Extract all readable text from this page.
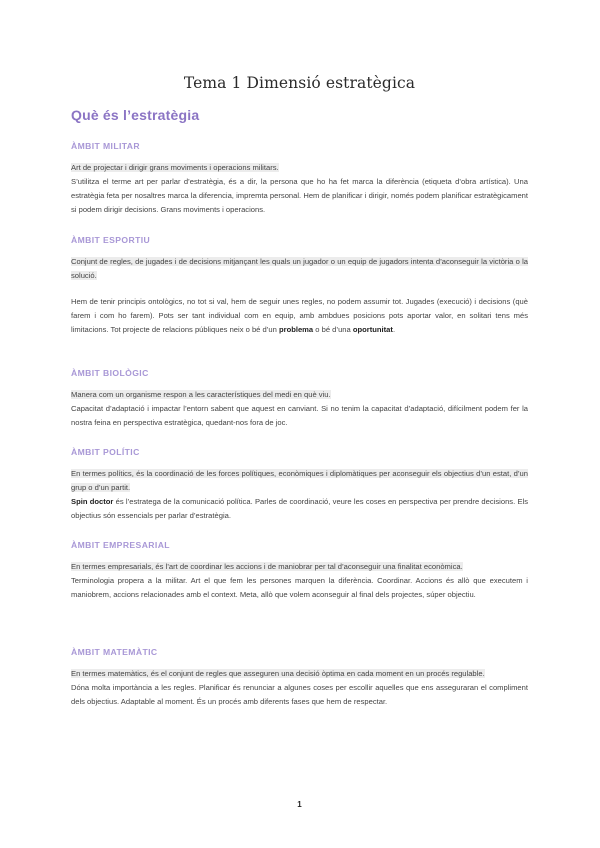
Tema 1 Dimensió estratègica
Què és l’estratègia
ÀMBIT MILITAR

Art de projectar i dirigir grans moviments i operacions militars.
S’utilitza el terme art per parlar d’estratègia, és a dir, la persona que ho ha fet marca la diferència (etiqueta d’obra artística). Una estratègia feta per nosaltres marca la diferencia, impremta personal. Hem de planificar i dirigir, només podem planificar estratègicament si podem dirigir decisions. Grans moviments i operacions.

ÀMBIT ESPORTIU

Conjunt de regles, de jugades i de decisions mitjançant les quals un jugador o un equip de jugadors intenta d’aconseguir la victòria o la solució.

Hem de tenir principis ontològics, no tot si val, hem de seguir unes regles, no podem assumir tot. Jugades (execució) i decisions (què farem i com ho farem). Pots ser tant individual com en equip, amb ambdues posicions pots aportar valor, en solitari tens més limitacions. Tot projecte de relacions públiques neix o bé d’un problema o bé d’una oportunitat.

ÀMBIT BIOLÒGIC

Manera com un organisme respon a les característiques del medi en què viu.
Capacitat d’adaptació i impactar l’entorn sabent que aquest en canviant. Si no tenim la capacitat d’adaptació, difícilment podem fer la nostra feina en perspectiva estratègica, quedant-nos fora de joc.

ÀMBIT POLÍTIC

En termes polítics, és la coordinació de les forces polítiques, econòmiques i diplomàtiques per aconseguir els objectius d’un estat, d’un grup o d’un partit.
Spin doctor és l’estratega de la comunicació política. Parles de coordinació, veure les coses en perspectiva per prendre decisions. Els objectius són essencials per parlar d’estratègia.

ÀMBIT EMPRESARIAL

En termes empresarials, és l’art de coordinar les accions i de maniobrar per tal d’aconseguir una finalitat econòmica.
Terminologia propera a la militar. Art el que fem les persones marquen la diferència. Coordinar. Accions és allò que executem i maniobrem, accions relacionades amb el context. Meta, allò que volem aconseguir al final dels projectes, súper objectiu.

ÀMBIT MATEMÀTIC

En termes matemàtics, és el conjunt de regles que asseguren una decisió òptima en cada moment en un procés regulable.
Dóna molta importància a les regles. Planificar és renunciar a algunes coses per escollir aquelles que ens asseguraran el compliment dels objectius. Adaptable al moment. És un procés amb diferents fases que hem de respectar.

1
